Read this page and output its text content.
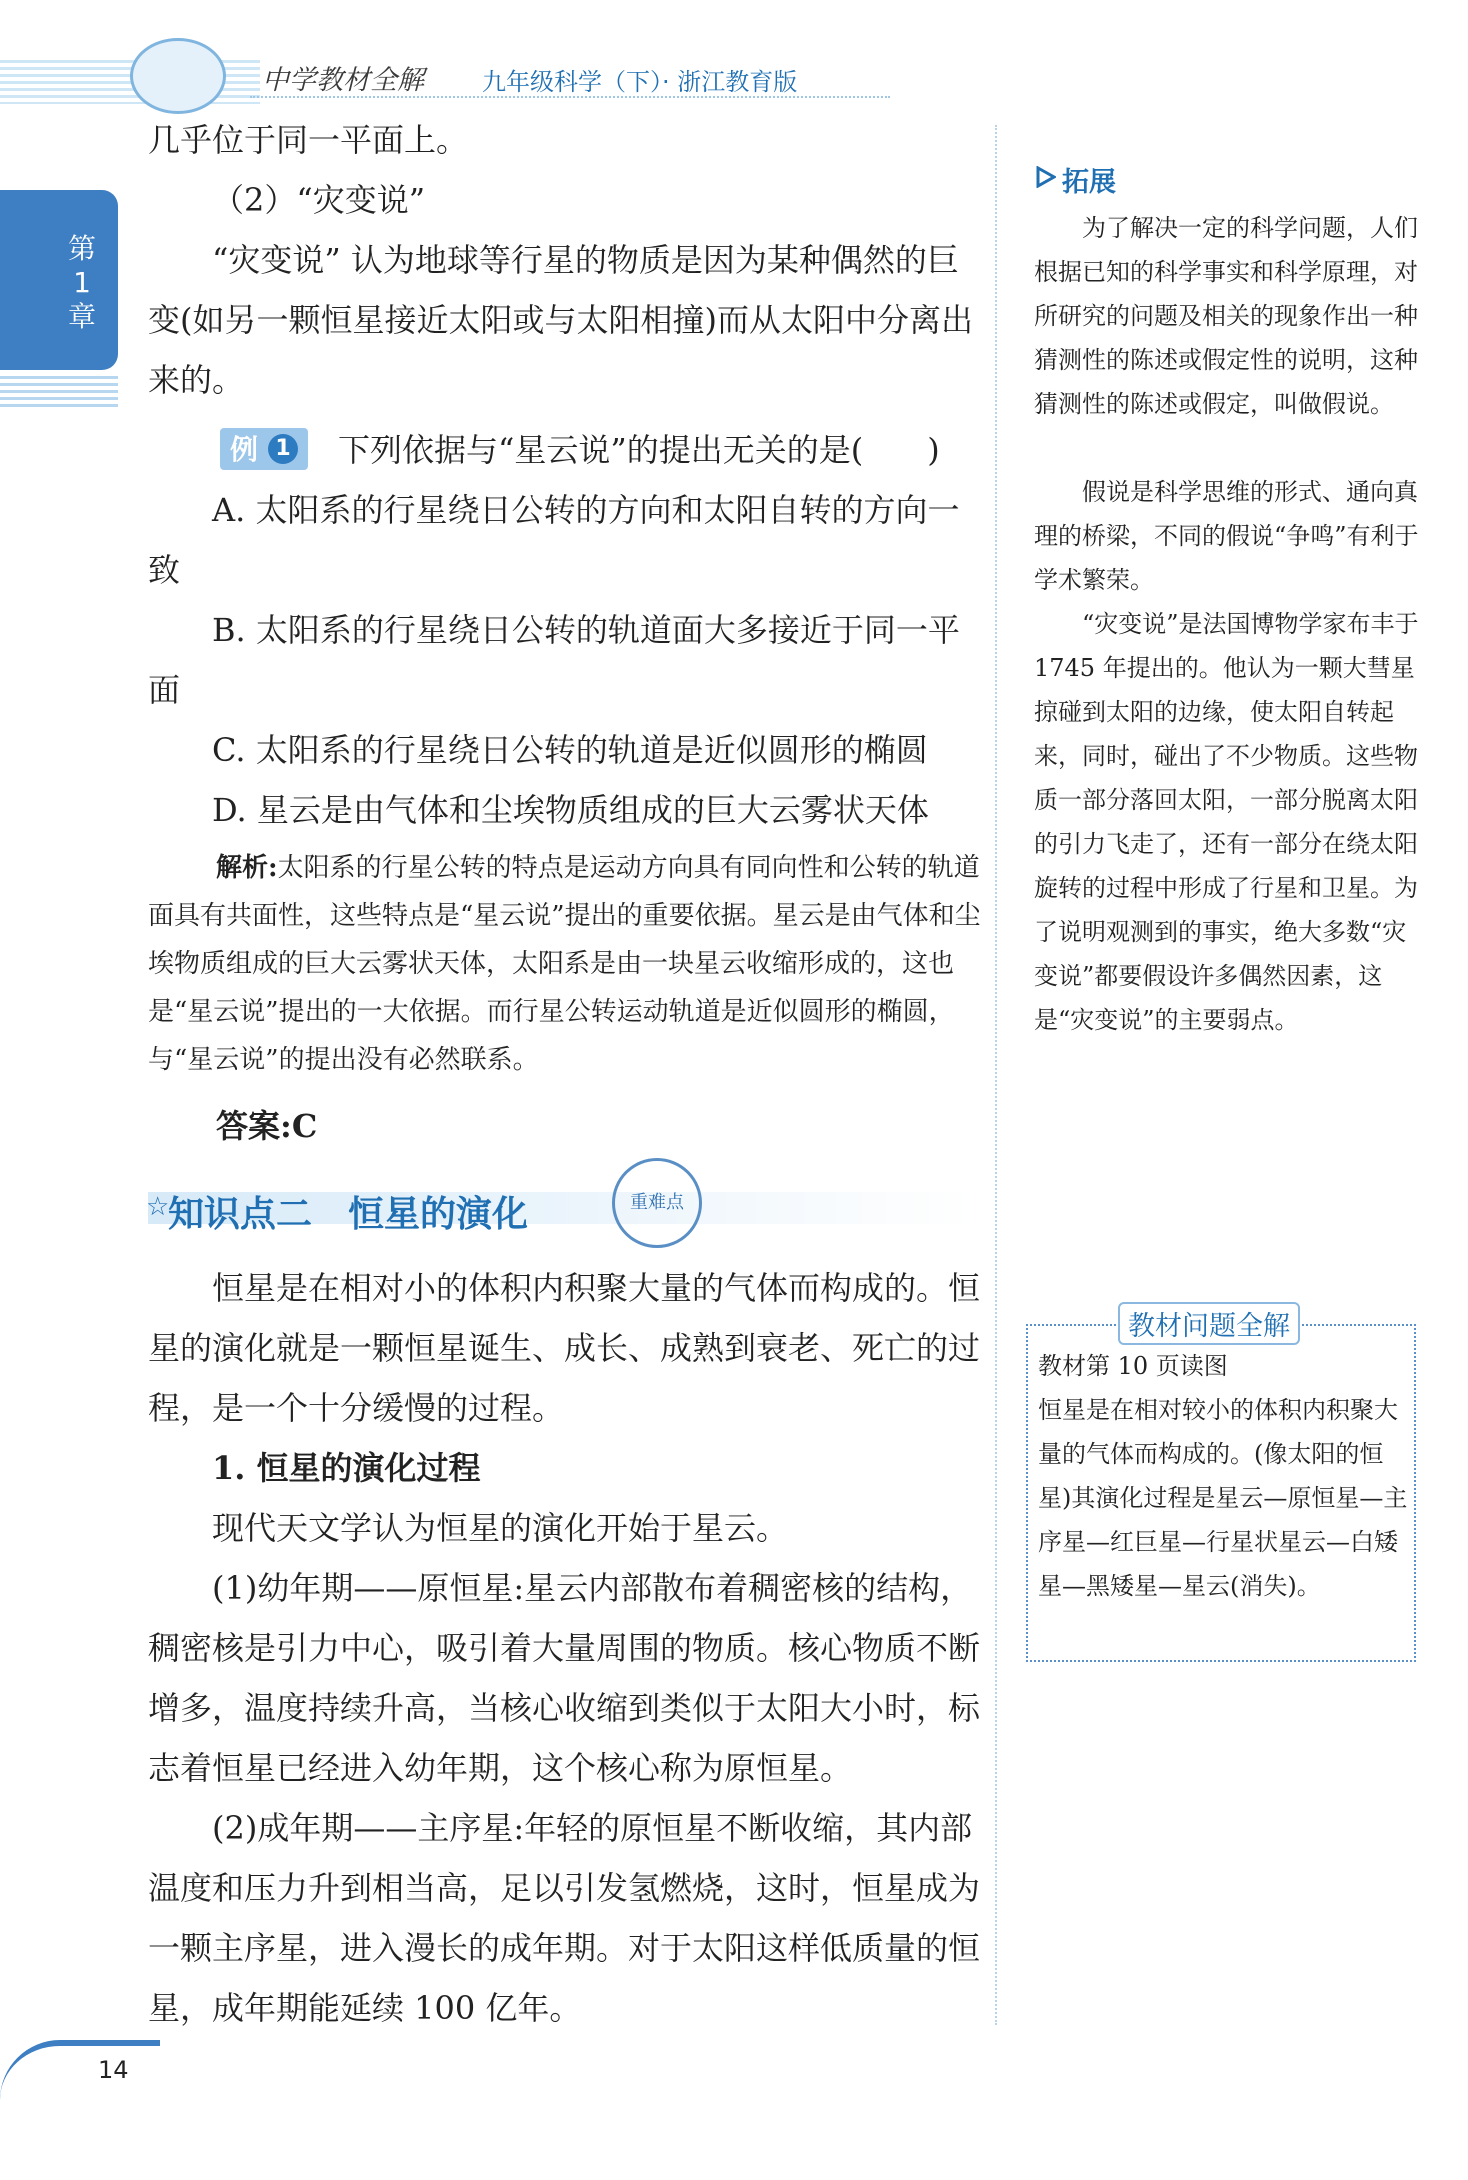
中学教材全解 九年级科学（下）· 浙江教育版
第1章
几乎位于同一平面上。
（2）“灾变说”
“灾变说” 认为地球等行星的物质是因为某种偶然的巨变(如另一颗恒星接近太阳或与太阳相撞)而从太阳中分离出来的。
例 1 下列依据与“星云说”的提出无关的是(　　)
A. 太阳系的行星绕日公转的方向和太阳自转的方向一致
B. 太阳系的行星绕日公转的轨道面大多接近于同一平面
C. 太阳系的行星绕日公转的轨道是近似圆形的椭圆
D. 星云是由气体和尘埃物质组成的巨大云雾状天体
解析:太阳系的行星公转的特点是运动方向具有同向性和公转的轨道面具有共面性，这些特点是“星云说”提出的重要依据。星云是由气体和尘埃物质组成的巨大云雾状天体，太阳系是由一块星云收缩形成的，这也是“星云说”提出的一大依据。而行星公转运动轨道是近似圆形的椭圆，与“星云说”的提出没有必然联系。
答案:C
☆
知识点二　恒星的演化	重难点
恒星是在相对小的体积内积聚大量的气体而构成的。恒星的演化就是一颗恒星诞生、成长、成熟到衰老、死亡的过程，是一个十分缓慢的过程。
1. 恒星的演化过程
现代天文学认为恒星的演化开始于星云。
(1)幼年期——原恒星:星云内部散布着稠密核的结构，稠密核是引力中心，吸引着大量周围的物质。核心物质不断增多，温度持续升高，当核心收缩到类似于太阳大小时，标志着恒星已经进入幼年期，这个核心称为原恒星。
(2)成年期——主序星:年轻的原恒星不断收缩，其内部温度和压力升到相当高，足以引发氢燃烧，这时，恒星成为一颗主序星，进入漫长的成年期。对于太阳这样低质量的恒星，成年期能延续 100 亿年。
拓展
为了解决一定的科学问题，人们根据已知的科学事实和科学原理，对所研究的问题及相关的现象作出一种猜测性的陈述或假定性的说明，这种猜测性的陈述或假定，叫做假说。
假说是科学思维的形式、通向真理的桥梁，不同的假说“争鸣”有利于学术繁荣。
“灾变说”是法国博物学家布丰于 1745 年提出的。他认为一颗大彗星掠碰到太阳的边缘，使太阳自转起来，同时，碰出了不少物质。这些物质一部分落回太阳，一部分脱离太阳的引力飞走了，还有一部分在绕太阳旋转的过程中形成了行星和卫星。为了说明观测到的事实，绝大多数“灾变说”都要假设许多偶然因素，这是“灾变说”的主要弱点。
教材问题全解
教材第 10 页读图
恒星是在相对较小的体积内积聚大量的气体而构成的。(像太阳的恒星)其演化过程是星云—原恒星—主序星—红巨星—行星状星云—白矮星—黑矮星—星云(消失)。
14
